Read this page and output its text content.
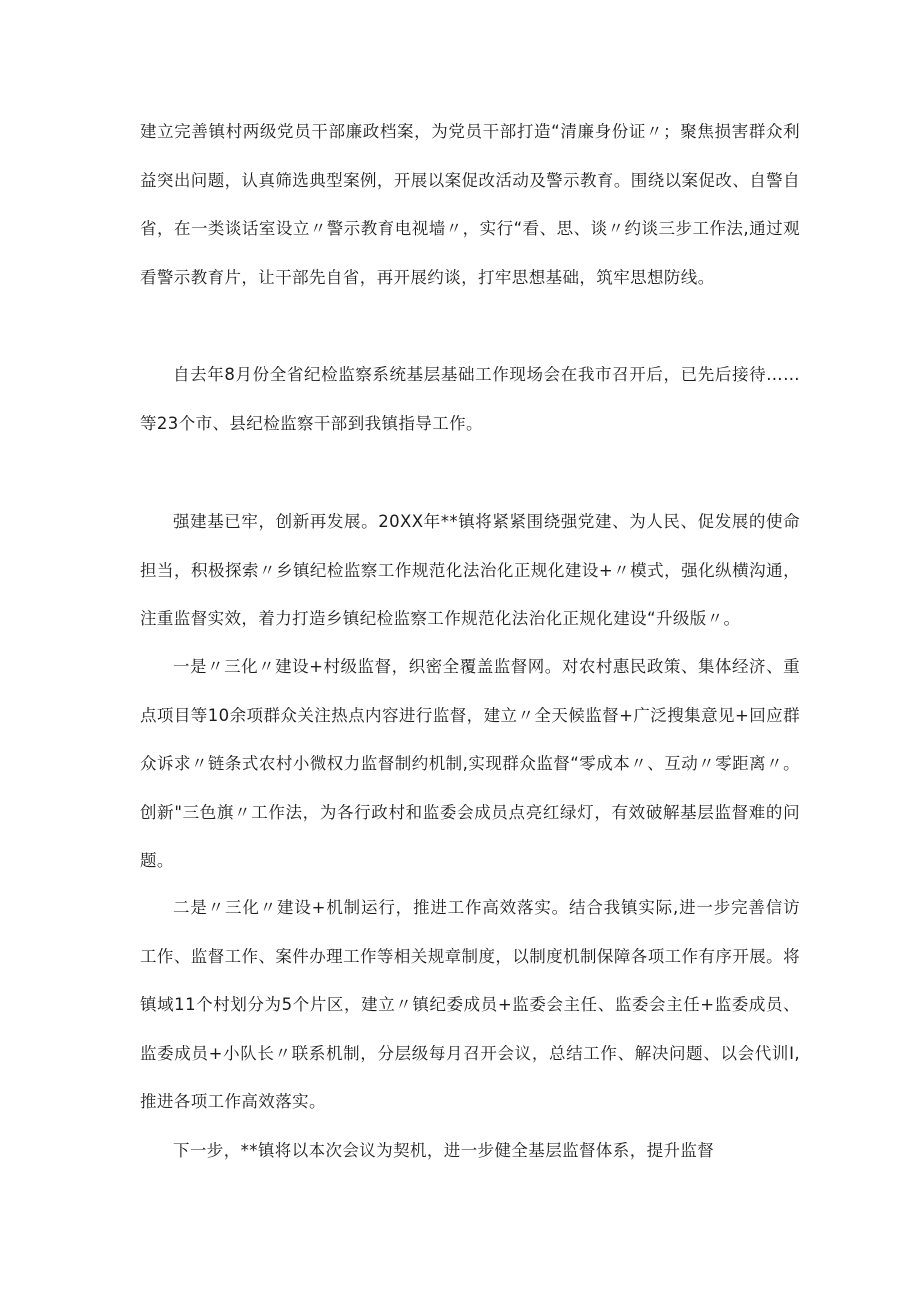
建立完善镇村两级党员干部廉政档案，为党员干部打造“清廉身份证〃；聚焦损害群众利益突出问题，认真筛选典型案例，开展以案促改活动及警示教育。围绕以案促改、自警自省，在一类谈话室设立〃警示教育电视墙〃，实行“看、思、谈〃约谈三步工作法,通过观看警示教育片，让干部先自省，再开展约谈，打牢思想基础，筑牢思想防线。

自去年8月份全省纪检监察系统基层基础工作现场会在我市召开后，已先后接待……等23个市、县纪检监察干部到我镇指导工作。

强建基已牢，创新再发展。20XX年**镇将紧紧围绕强党建、为人民、促发展的使命担当，积极探索〃乡镇纪检监察工作规范化法治化正规化建设+〃模式，强化纵横沟通，注重监督实效，着力打造乡镇纪检监察工作规范化法治化正规化建设“升级版〃。

一是〃三化〃建设+村级监督，织密全覆盖监督网。对农村惠民政策、集体经济、重点项目等10余项群众关注热点内容进行监督，建立〃全天候监督+广泛搜集意见+回应群众诉求〃链条式农村小微权力监督制约机制,实现群众监督“零成本〃、互动〃零距离〃。创新"三色旗〃工作法，为各行政村和监委会成员点亮红绿灯，有效破解基层监督难的问题。

二是〃三化〃建设+机制运行，推进工作高效落实。结合我镇实际,进一步完善信访工作、监督工作、案件办理工作等相关规章制度，以制度机制保障各项工作有序开展。将镇域11个村划分为5个片区，建立〃镇纪委成员+监委会主任、监委会主任+监委成员、监委成员+小队长〃联系机制，分层级每月召开会议，总结工作、解决问题、以会代训I,推进各项工作高效落实。

下一步，**镇将以本次会议为契机，进一步健全基层监督体系，提升监督
